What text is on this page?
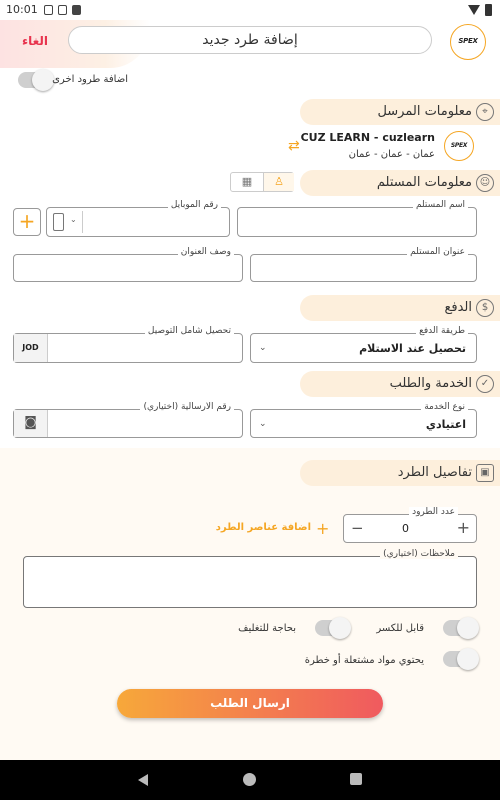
10:01
الغاء	إضافة طرد جديد	SPEX
اضافة طرود اخرى
معلومات المرسل	⌖
SPEX
CUZ LEARN - cuzlearn
عمان - عمان - عمان
⇄
معلومات المستلم ☺
▦	♙
اسم المستلم
رقم الموبايل
⌄
+
عنوان المستلم
وصف العنوان
الدفع $
طريقة الدفع
تحصيل عند الاستلام
⌄
تحصيل شامل التوصيل
JOD
الخدمة والطلب ✓
نوع الخدمة
اعتيادي
⌄
رقم الارسالية (اختياري)
◙
تفاصيل الطرد ▣
عدد الطرود
+
0
−
+
اضافة عناصر الطرد
ملاحظات (اختياري)
قابل للكسر
بحاجة للتغليف
يحتوي مواد مشتعلة أو خطرة
ارسال الطلب
